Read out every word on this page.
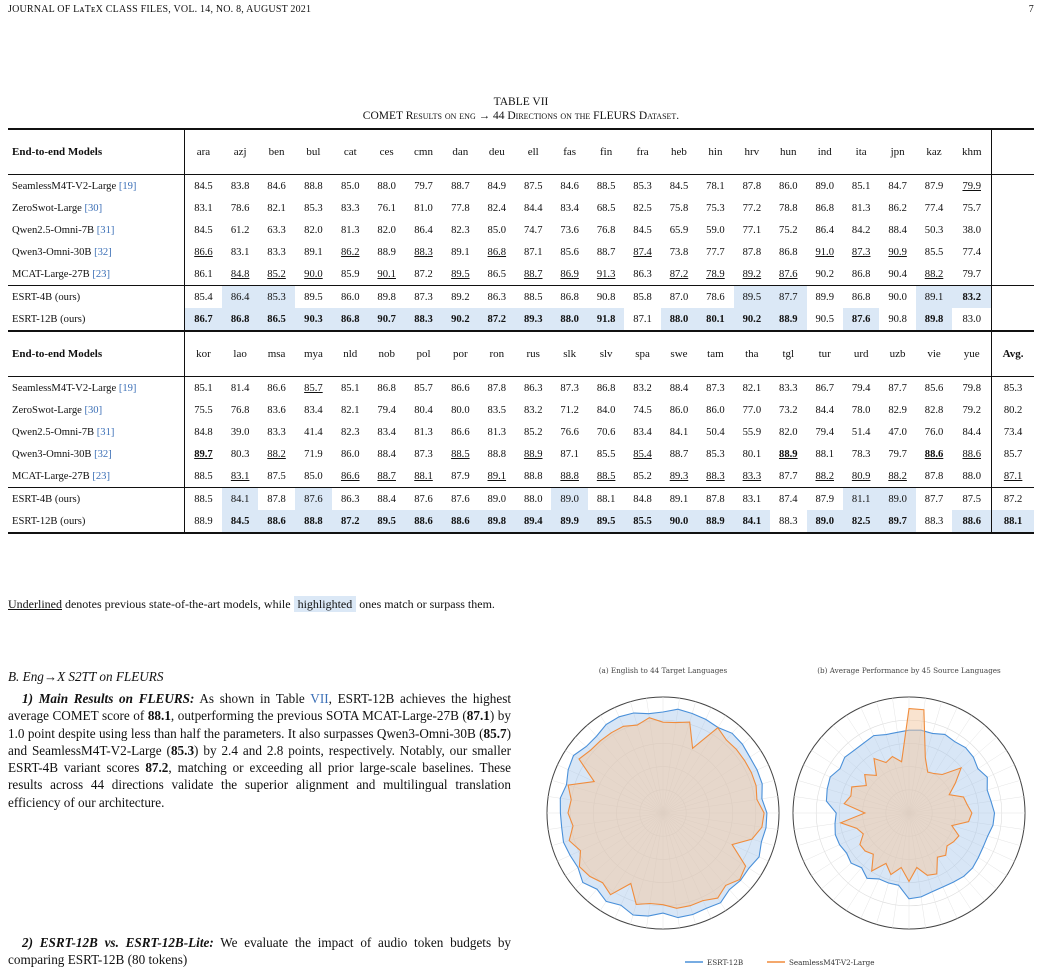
JOURNAL OF LᴀTᴇX CLASS FILES, VOL. 14, NO. 8, AUGUST 2021	7
TABLE VII
COMET Results on eng → 44 Directions on the FLEURS Dataset.
End-to-end Models	ara	azj	ben	bul	cat	ces	cmn	dan	deu	ell	fas	fin	fra	heb	hin	hrv	hun	ind	ita	jpn	kaz	khm	
SeamlessM4T-V2-Large [19]	84.5	83.8	84.6	88.8	85.0	88.0	79.7	88.7	84.9	87.5	84.6	88.5	85.3	84.5	78.1	87.8	86.0	89.0	85.1	84.7	87.9	79.9	
ZeroSwot-Large [30]	83.1	78.6	82.1	85.3	83.3	76.1	81.0	77.8	82.4	84.4	83.4	68.5	82.5	75.8	75.3	77.2	78.8	86.8	81.3	86.2	77.4	75.7	
Qwen2.5-Omni-7B [31]	84.5	61.2	63.3	82.0	81.3	82.0	86.4	82.3	85.0	74.7	73.6	76.8	84.5	65.9	59.0	77.1	75.2	86.4	84.2	88.4	50.3	38.0	
Qwen3-Omni-30B [32]	86.6	83.1	83.3	89.1	86.2	88.9	88.3	89.1	86.8	87.1	85.6	88.7	87.4	73.8	77.7	87.8	86.8	91.0	87.3	90.9	85.5	77.4	
MCAT-Large-27B [23]	86.1	84.8	85.2	90.0	85.9	90.1	87.2	89.5	86.5	88.7	86.9	91.3	86.3	87.2	78.9	89.2	87.6	90.2	86.8	90.4	88.2	79.7	
ESRT-4B (ours)	85.4	86.4	85.3	89.5	86.0	89.8	87.3	89.2	86.3	88.5	86.8	90.8	85.8	87.0	78.6	89.5	87.7	89.9	86.8	90.0	89.1	83.2	
ESRT-12B (ours)	86.7	86.8	86.5	90.3	86.8	90.7	88.3	90.2	87.2	89.3	88.0	91.8	87.1	88.0	80.1	90.2	88.9	90.5	87.6	90.8	89.8	83.0	
End-to-end Models	kor	lao	msa	mya	nld	nob	pol	por	ron	rus	slk	slv	spa	swe	tam	tha	tgl	tur	urd	uzb	vie	yue	Avg.
SeamlessM4T-V2-Large [19]	85.1	81.4	86.6	85.7	85.1	86.8	85.7	86.6	87.8	86.3	87.3	86.8	83.2	88.4	87.3	82.1	83.3	86.7	79.4	87.7	85.6	79.8	85.3
ZeroSwot-Large [30]	75.5	76.8	83.6	83.4	82.1	79.4	80.4	80.0	83.5	83.2	71.2	84.0	74.5	86.0	86.0	77.0	73.2	84.4	78.0	82.9	82.8	79.2	80.2
Qwen2.5-Omni-7B [31]	84.8	39.0	83.3	41.4	82.3	83.4	81.3	86.6	81.3	85.2	76.6	70.6	83.4	84.1	50.4	55.9	82.0	79.4	51.4	47.0	76.0	84.4	73.4
Qwen3-Omni-30B [32]	89.7	80.3	88.2	71.9	86.0	88.4	87.3	88.5	88.8	88.9	87.1	85.5	85.4	88.7	85.3	80.1	88.9	88.1	78.3	79.7	88.6	88.6	85.7
MCAT-Large-27B [23]	88.5	83.1	87.5	85.0	86.6	88.7	88.1	87.9	89.1	88.8	88.8	88.5	85.2	89.3	88.3	83.3	87.7	88.2	80.9	88.2	87.8	88.0	87.1
ESRT-4B (ours)	88.5	84.1	87.8	87.6	86.3	88.4	87.6	87.6	89.0	88.0	89.0	88.1	84.8	89.1	87.8	83.1	87.4	87.9	81.1	89.0	87.7	87.5	87.2
ESRT-12B (ours)	88.9	84.5	88.6	88.8	87.2	89.5	88.6	88.6	89.8	89.4	89.9	89.5	85.5	90.0	88.9	84.1	88.3	89.0	82.5	89.7	88.3	88.6	88.1
Underlined denotes previous state-of-the-art models, while highlighted ones match or surpass them.
B. Eng→X S2TT on FLEURS
1) Main Results on FLEURS: As shown in Table VII, ESRT-12B achieves the highest average COMET score of 88.1, outperforming the previous SOTA MCAT-Large-27B (87.1) by 1.0 point despite using less than half the parameters. It also surpasses Qwen3-Omni-30B (85.7) and SeamlessM4T-V2-Large (85.3) by 2.4 and 2.8 points, respectively. Notably, our smaller ESRT-4B variant scores 87.2, matching or exceeding all prior large-scale baselines. These results across 44 directions validate the superior alignment and multilingual translation efficiency of our architecture.
2) ESRT-12B vs. ESRT-12B-Lite: We evaluate the impact of audio token budgets by comparing ESRT-12B (80 tokens)
(a) English to 44 Target Languages	(b) Average Performance by 45 Source Languages
ESRT-12B	SeamlessM4T-V2-Large
